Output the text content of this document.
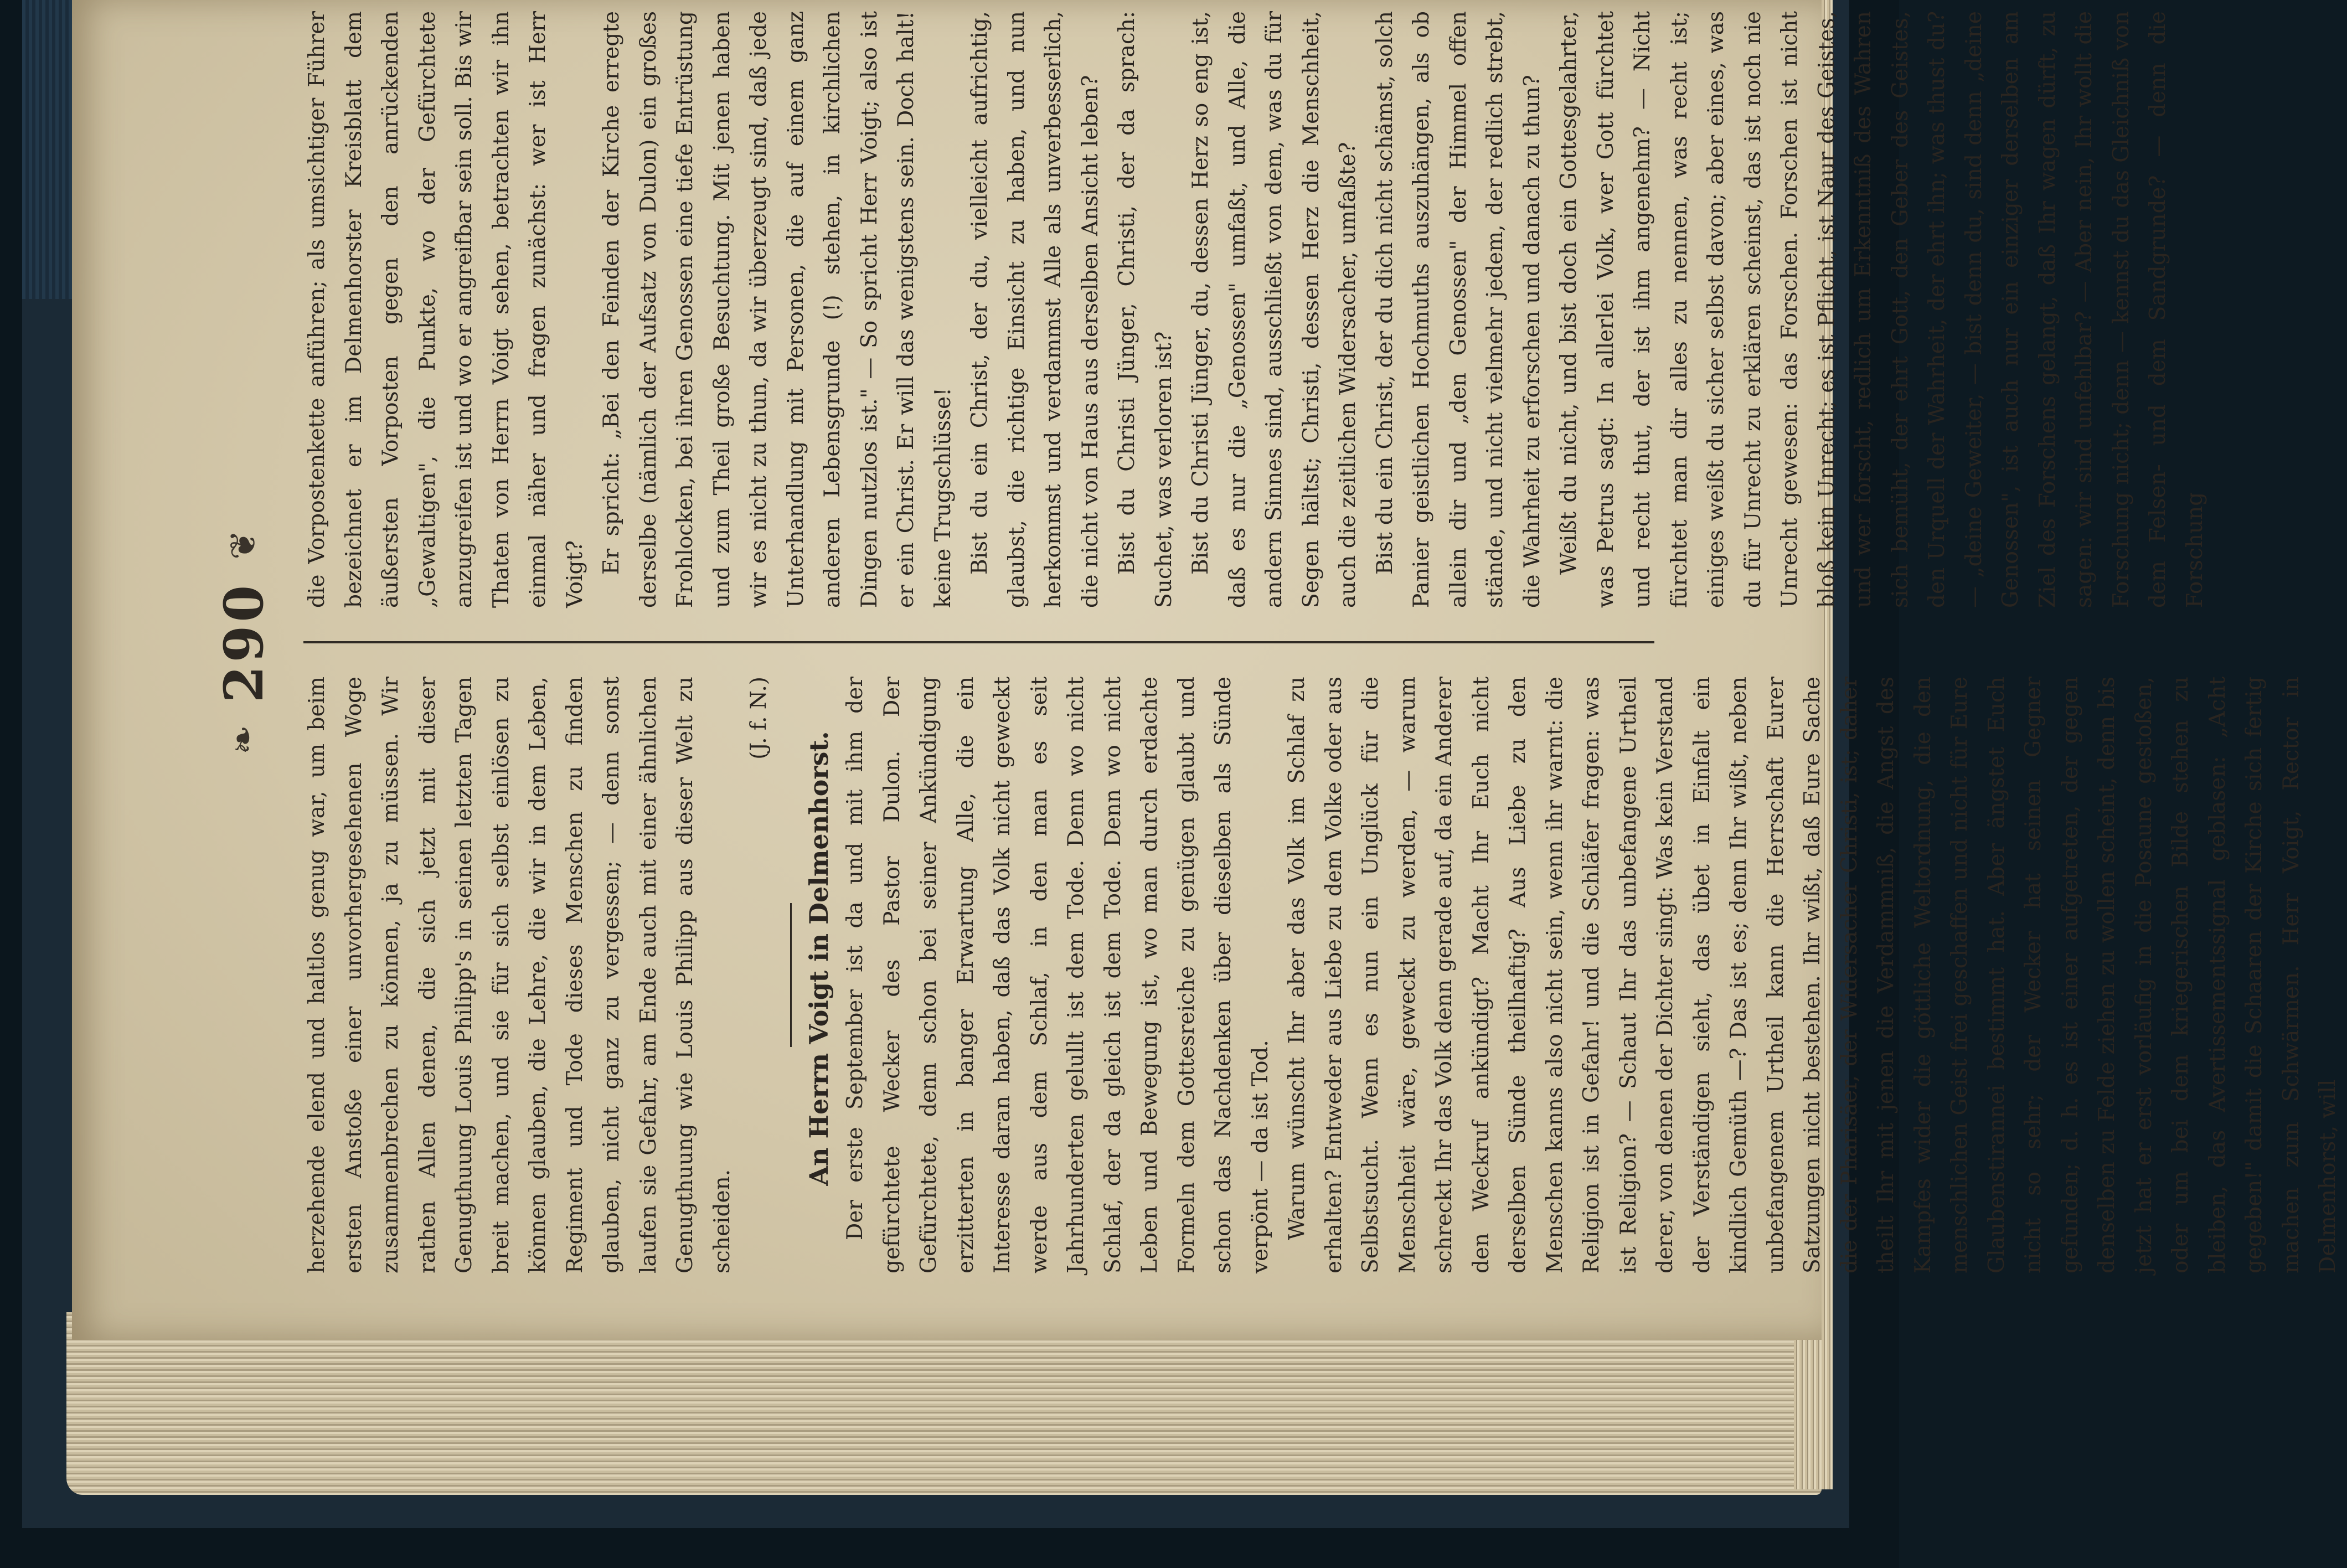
❧
290
❦

herzehende elend und haltlos genug war, um beim ersten Anstoße einer unvorhergesehenen Woge zusammenbrechen zu können, ja zu müssen. Wir rathen Allen denen, die sich jetzt mit dieser Genugthuung Louis Philipp's in seinen letzten Tagen breit machen, und sie für sich selbst einlösen zu können glauben, die Lehre, die wir in dem Leben, Regiment und Tode dieses Menschen zu finden glauben, nicht ganz zu vergessen; — denn sonst laufen sie Gefahr, am Ende auch mit einer ähnlichen Genugthuung wie Louis Philipp aus dieser Welt zu scheiden.

(J. f. N.)

An Herrn Voigt in Delmenhorst. Der erste September ist da und mit ihm der gefürchtete Wecker des Pastor Dulon. Der Gefürchtete, denn schon bei seiner Ankündigung erzitterten in banger Erwartung Alle, die ein Interesse daran haben, daß das Volk nicht geweckt werde aus dem Schlaf, in den man es seit Jahrhunderten gelullt ist dem Tode. Denn wo nicht Schlaf, der da gleich ist dem Tode. Denn wo nicht Leben und Bewegung ist, wo man durch erdachte Formeln dem Gottesreiche zu genügen glaubt und schon das Nachdenken über dieselben als Sünde verpönt — da ist Tod. Warum wünscht Ihr aber das Volk im Schlaf zu erhalten? Entweder aus Liebe zu dem Volke oder aus Selbstsucht. Wenn es nun ein Unglück für die Menschheit wäre, geweckt zu werden, — warum schreckt Ihr das Volk denn gerade auf, da ein Anderer den Weckruf ankündigt? Macht Ihr Euch nicht derselben Sünde theilhaftig? Aus Liebe zu den Menschen kanns also nicht sein, wenn ihr warnt: die Religion ist in Gefahr! und die Schläfer fragen: was ist Religion? — Schaut Ihr das unbefangene Urtheil derer, von denen der Dichter singt: Was kein Verstand der Verständigen sieht, das übet in Einfalt ein kindlich Gemüth —? Das ist es; denn Ihr wißt, neben unbefangenem Urtheil kann die Herrschaft Eurer Satzungen nicht bestehen. Ihr wißt, daß Eure Sache die der Pharisäer, der Widersacher Christi, ist; daher theilt Ihr mit jenen die Verdammniß, die Angst des Kampfes wider die göttliche Weltordnung, die den menschlichen Geist frei geschaffen und nicht für Eure Glaubenstirannei bestimmt hat. Aber ängstet Euch nicht so sehr; der Wecker hat seinen Gegner gefunden; d. h. es ist einer aufgetreten, der gegen denselben zu Felde ziehen zu wollen scheint, denn bis jetzt hat er erst vorläufig in die Posaune gestoßen, oder um bei dem kriegerischen Bilde stehen zu bleiben, das Avertissementssignal geblasen: „Acht gegeben!" damit die Schaaren der Kirche sich fertig machen zum Schwärmen. Herr Voigt, Rector in Delmenhorst, will

die Vorpostenkette anführen; als umsichtiger Führer bezeichnet er im Delmenhorster Kreisblatt dem äußersten Vorposten gegen den anrückenden „Gewaltigen", die Punkte, wo der Gefürchtete anzugreifen ist und wo er angreifbar sein soll. Bis wir Thaten von Herrn Voigt sehen, betrachten wir ihn einmal näher und fragen zunächst: wer ist Herr Voigt? Er spricht: „Bei den Feinden der Kirche erregte derselbe (nämlich der Aufsatz von Dulon) ein großes Frohlocken, bei ihren Genossen eine tiefe Entrüstung und zum Theil große Besuchtung. Mit jenen haben wir es nicht zu thun, da wir überzeugt sind, daß jede Unterhandlung mit Personen, die auf einem ganz anderen Lebensgrunde (!) stehen, in kirchlichen Dingen nutzlos ist." — So spricht Herr Voigt; also ist er ein Christ. Er will das wenigstens sein. Doch halt! keine Trugschlüsse! Bist du ein Christ, der du, vielleicht aufrichtig, glaubst, die richtige Einsicht zu haben, und nun herkommst und verdammst Alle als unverbesserlich, die nicht von Haus aus derselben Ansicht leben? Bist du Christi Jünger, Christi, der da sprach: Suchet, was verloren ist? Bist du Christi Jünger, du, dessen Herz so eng ist, daß es nur die „Genossen" umfaßt, und Alle, die andern Sinnes sind, ausschließt von dem, was du für Segen hältst; Christi, dessen Herz die Menschheit, auch die zeitlichen Widersacher, umfaßte? Bist du ein Christ, der du dich nicht schämst, solch Panier geistlichen Hochmuths auszuhängen, als ob allein dir und „den Genossen" der Himmel offen stände, und nicht vielmehr jedem, der redlich strebt, die Wahrheit zu erforschen und danach zu thun? Weißt du nicht, und bist doch ein Gottesgelahrter, was Petrus sagt: In allerlei Volk, wer Gott fürchtet und recht thut, der ist ihm angenehm? — Nicht fürchtet man dir alles zu nennen, was recht ist; einiges weißt du sicher selbst davon; aber eines, was du für Unrecht zu erklären scheinst, das ist noch nie Unrecht gewesen: das Forschen. Forschen ist nicht bloß kein Unrecht; es ist Pflicht, ist Naur des Geistes, und wer forscht, redlich um Erkenntniß des Wahren sich bemüht, der ehrt Gott, den Geber des Geistes, den Urquell der Wahrheit, der ehrt ihn; was thust du? — „deine Geweiter, — bist denn du, sind denn „deine Genossen", ist auch nur ein einziger derselben am Ziel des Forschens gelangt, daß Ihr wagen dürft, zu sagen: wir sind unfehlbar? — Aber nein, Ihr wollt die Forschung nicht; denn — kennst du das Gleichniß von dem Felsen- und dem Sandgrunde? — denn die Forschung
